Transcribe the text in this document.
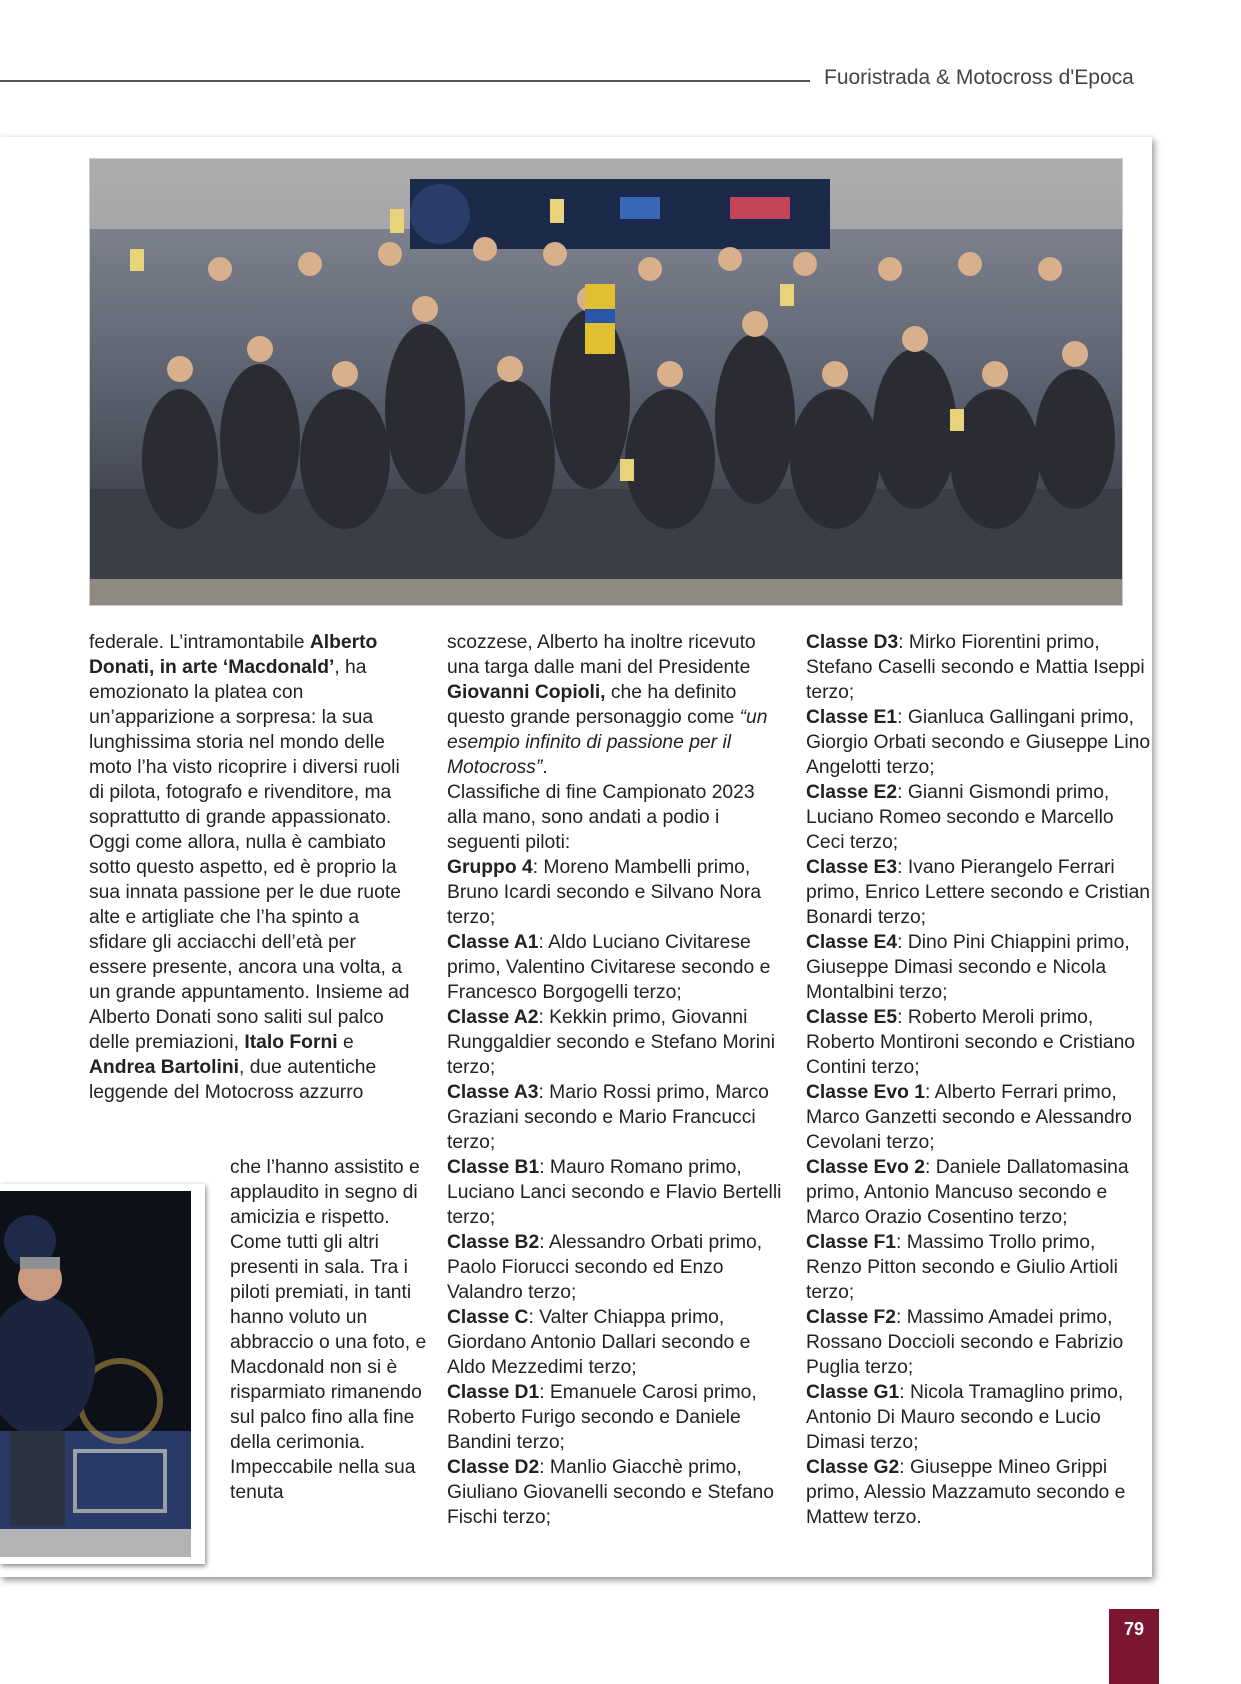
Fuoristrada & Motocross d'Epoca

federale. L’intramontabile Alberto Donati, in arte ‘Macdonald’, ha emozionato la platea con un’apparizione a sorpresa: la sua lunghissima storia nel mondo delle moto l’ha visto ricoprire i diversi ruoli di pilota, fotografo e rivenditore, ma soprattutto di grande appassionato. Oggi come allora, nulla è cambiato sotto questo aspetto, ed è proprio la sua innata passione per le due ruote alte e artigliate che l’ha spinto a sfidare gli acciacchi dell’età per essere presente, ancora una volta, a un grande appuntamento. Insieme ad Alberto Donati sono saliti sul palco delle premiazioni, Italo Forni e Andrea Bartolini, due autentiche leggende del Motocross azzurro

che l’hanno assistito e applaudito in segno di amicizia e rispetto. Come tutti gli altri presenti in sala. Tra i piloti premiati, in tanti hanno voluto un abbraccio o una foto, e Macdonald non si è risparmiato rimanendo sul palco fino alla fine della cerimonia. Impeccabile nella sua tenuta

scozzese, Alberto ha inoltre ricevuto una targa dalle mani del Presidente Giovanni Copioli, che ha definito questo grande personaggio come “un esempio infinito di passione per il Motocross”.

Classifiche di fine Campionato 2023 alla mano, sono andati a podio i seguenti piloti:

Gruppo 4: Moreno Mambelli primo, Bruno Icardi secondo e Silvano Nora terzo;

Classe A1: Aldo Luciano Civitarese primo, Valentino Civitarese secondo e Francesco Borgogelli terzo;

Classe A2: Kekkin primo, Giovanni Runggaldier secondo e Stefano Morini terzo;

Classe A3: Mario Rossi primo, Marco Graziani secondo e Mario Francucci terzo;

Classe B1: Mauro Romano primo, Luciano Lanci secondo e Flavio Bertelli terzo;

Classe B2: Alessandro Orbati primo, Paolo Fiorucci secondo ed Enzo Valandro terzo;

Classe C: Valter Chiappa primo, Giordano Antonio Dallari secondo e Aldo Mezzedimi terzo;

Classe D1: Emanuele Carosi primo, Roberto Furigo secondo e Daniele Bandini terzo;

Classe D2: Manlio Giacchè primo, Giuliano Giovanelli secondo e Stefano Fischi terzo;

Classe D3: Mirko Fiorentini primo, Stefano Caselli secondo e Mattia Iseppi terzo;

Classe E1: Gianluca Gallingani primo, Giorgio Orbati secondo e Giuseppe Lino Angelotti terzo;

Classe E2: Gianni Gismondi primo, Luciano Romeo secondo e Marcello Ceci terzo;

Classe E3: Ivano Pierangelo Ferrari primo, Enrico Lettere secondo e Cristian Bonardi terzo;

Classe E4: Dino Pini Chiappini primo, Giuseppe Dimasi secondo e Nicola Montalbini terzo;

Classe E5: Roberto Meroli primo, Roberto Montironi secondo e Cristiano Contini terzo;

Classe Evo 1: Alberto Ferrari primo, Marco Ganzetti secondo e Alessandro Cevolani terzo;

Classe Evo 2: Daniele Dallatomasina primo, Antonio Mancuso secondo e Marco Orazio Cosentino terzo;

Classe F1: Massimo Trollo primo, Renzo Pitton secondo e Giulio Artioli terzo;

Classe F2: Massimo Amadei primo, Rossano Doccioli secondo e Fabrizio Puglia terzo;

Classe G1: Nicola Tramaglino primo, Antonio Di Mauro secondo e Lucio Dimasi terzo;

Classe G2: Giuseppe Mineo Grippi primo, Alessio Mazzamuto secondo e Mattew terzo.

79
